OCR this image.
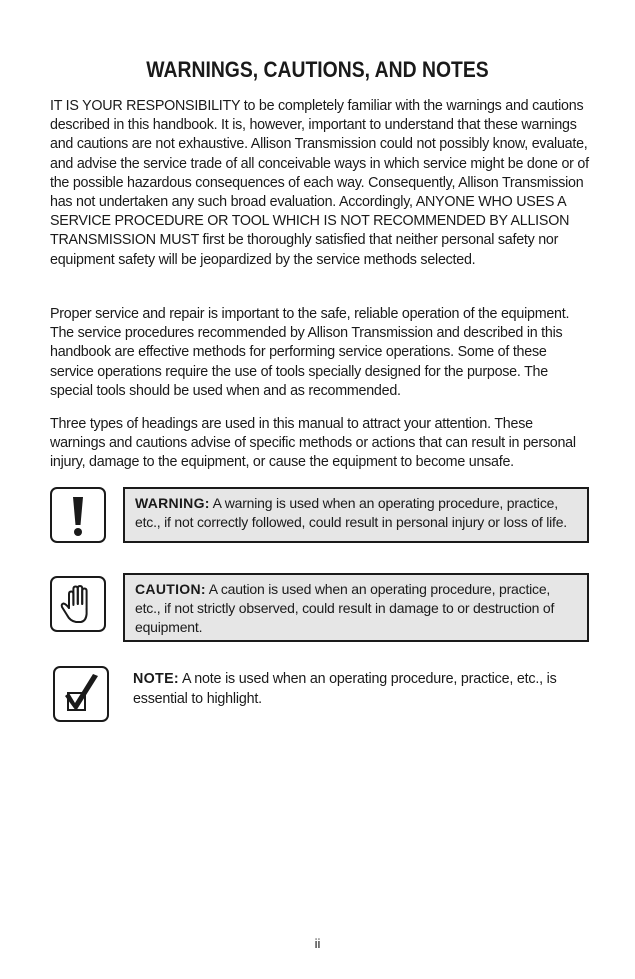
WARNINGS, CAUTIONS, AND NOTES

IT IS YOUR RESPONSIBILITY to be completely familiar with the warnings and cautions described in this handbook. It is, however, important to understand that these warnings and cautions are not exhaustive. Allison Transmission could not possibly know, evaluate, and advise the service trade of all conceivable ways in which service might be done or of the possible hazardous consequences of each way. Consequently, Allison Transmission has not undertaken any such broad evaluation. Accordingly, ANYONE WHO USES A SERVICE PROCEDURE OR TOOL WHICH IS NOT RECOMMENDED BY ALLISON TRANSMISSION MUST first be thoroughly satisfied that neither personal safety nor equipment safety will be jeopardized by the service methods selected.

Proper service and repair is important to the safe, reliable operation of the equipment. The service procedures recommended by Allison Transmission and described in this handbook are effective methods for performing service operations. Some of these service operations require the use of tools specially designed for the purpose. The special tools should be used when and as recommended.

Three types of headings are used in this manual to attract your attention. These warnings and cautions advise of specific methods or actions that can result in personal injury, damage to the equipment, or cause the equipment to become unsafe.

WARNING: A warning is used when an operating procedure, practice, etc., if not correctly followed, could result in personal injury or loss of life.
CAUTION: A caution is used when an operating procedure, practice, etc., if not strictly observed, could result in damage to or destruction of equipment.
NOTE: A note is used when an operating procedure, practice, etc., is essential to highlight.
ii
